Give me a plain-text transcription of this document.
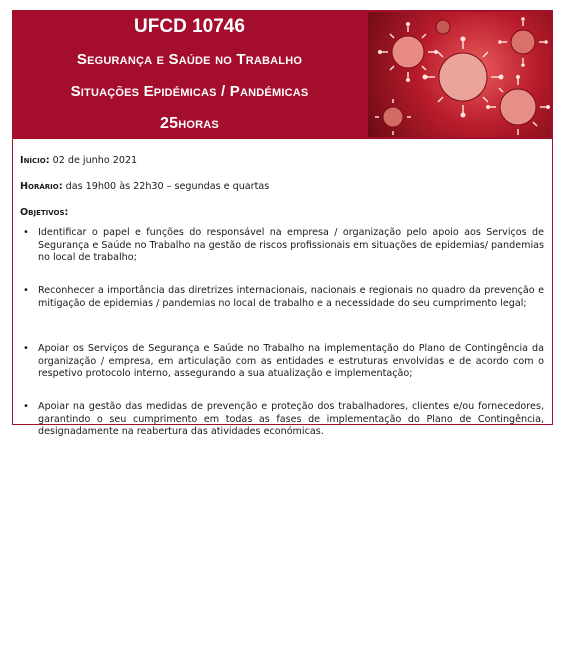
UFCD 10746
Segurança e Saúde no Trabalho
Situações Epidémicas / Pandémicas
25horas
Início: 02 de junho 2021
Horário: das 19h00 às 22h30 – segundas e quartas
Objetivos:
• Identificar o papel e funções do responsável na empresa / organização pelo apoio aos Serviços de Segurança e Saúde no Trabalho na gestão de riscos profissionais em situações de epidemias/ pandemias no local de trabalho;
• Reconhecer a importância das diretrizes internacionais, nacionais e regionais no quadro da prevenção e mitigação de epidemias / pandemias no local de trabalho e a necessidade do seu cumprimento legal;
• Apoiar os Serviços de Segurança e Saúde no Trabalho na implementação do Plano de Contingência da organização / empresa, em articulação com as entidades e estruturas envolvidas e de acordo com o respetivo protocolo interno, assegurando a sua atualização e implementação;
• Apoiar na gestão das medidas de prevenção e proteção dos trabalhadores, clientes e/ou fornecedores, garantindo o seu cumprimento em todas as fases de implementação do Plano de Contingência, designadamente na reabertura das atividades económicas.
